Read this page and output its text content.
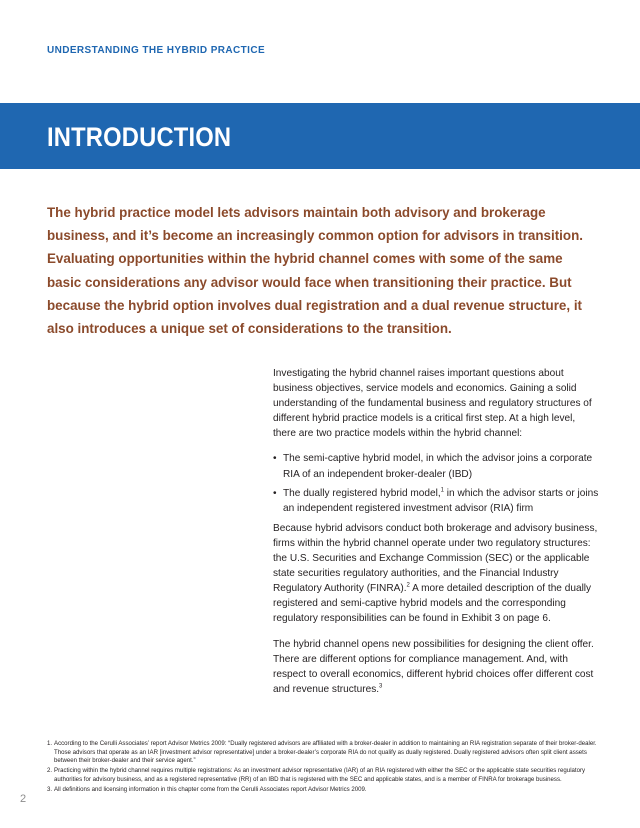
UNDERSTANDING THE HYBRID PRACTICE
INTRODUCTION

The hybrid practice model lets advisors maintain both advisory and brokerage business, and it’s become an increasingly common option for advisors in transition. Evaluating opportunities within the hybrid channel comes with some of the same basic considerations any advisor would face when transitioning their practice. But because the hybrid option involves dual registration and a dual revenue structure, it also introduces a unique set of considerations to the transition.

Investigating the hybrid channel raises important questions about business objectives, service models and economics. Gaining a solid understanding of the fundamental business and regulatory structures of different hybrid practice models is a critical first step. At a high level, there are two practice models within the hybrid channel:

• The semi-captive hybrid model, in which the advisor joins a corporate RIA of an independent broker-dealer (IBD)
• The dually registered hybrid model,$^1$ in which the advisor starts or joins an independent registered investment advisor (RIA) firm

Because hybrid advisors conduct both brokerage and advisory business, firms within the hybrid channel operate under two regulatory structures: the U.S. Securities and Exchange Commission (SEC) or the applicable state securities regulatory authorities, and the Financial Industry Regulatory Authority (FINRA).$^2$ A more detailed description of the dually registered and semi-captive hybrid models and the corresponding regulatory responsibilities can be found in Exhibit 3 on page 6.

The hybrid channel opens new possibilities for designing the client offer. There are different options for compliance management. And, with respect to overall economics, different hybrid choices offer different cost and revenue structures.$^3$

1. According to the Cerulli Associates’ report Advisor Metrics 2009: “Dually registered advisors are affiliated with a broker-dealer in addition to maintaining an RIA registration separate of their broker-dealer. Those advisors that operate as an IAR [investment advisor representative] under a broker-dealer’s corporate RIA do not qualify as dually registered. Dually registered advisors often split client assets between their broker-dealer and their service agent.”
2. Practicing within the hybrid channel requires multiple registrations: As an investment advisor representative (IAR) of an RIA registered with either the SEC or the applicable state securities regulatory authorities for advisory business, and as a registered representative (RR) of an IBD that is registered with the SEC and applicable states, and is a member of FINRA for brokerage business.
3. All definitions and licensing information in this chapter come from the Cerulli Associates report Advisor Metrics 2009.
2
